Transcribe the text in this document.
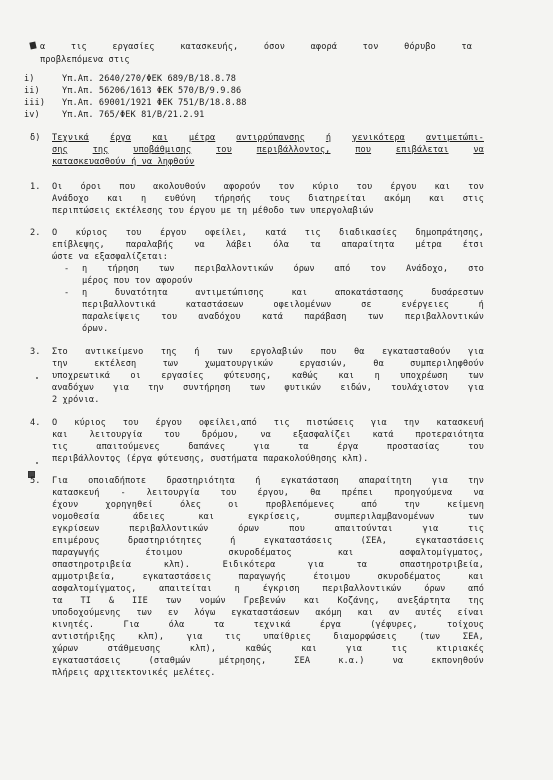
α	τις	εργασίες	κατασκευής,	όσον	αφορά	τον	θόρυβο	τα
προβλεπόμενα στις
i)	Υπ.Απ. 2640/270/ΦΕΚ 689/Β/18.8.78
ii)	Υπ.Απ. 56206/1613 ΦΕΚ 570/Β/9.9.86
iii) Υπ.Απ. 69001/1921 ΦΕΚ 751/Β/18.8.88
iv)	Υπ.Απ. 765/ΦΕΚ 81/Β/21.2.91
δ) Τεχνικά έργα και μέτρα αντιρρύπανσης ή γενικότερα αντιμετώπι-
σης	της	υποβάθμισης	του	περιβάλλοντος,	που	επιβάλεται	να
κατασκευασθούν ή να ληφθούν
1. Οι όροι που ακολουθούν αφορούν τον κύριο του έργου και τον
Ανάδοχο και η ευθύνη τήρησής τους διατηρείται ακόμη και στις
περιπτώσεις εκτέλεσης του έργου με τη μέθοδο των υπεργολαβιών
2. Ο κύριος του έργου οφείλει, κατά τις διαδικασίες δημοπράτησης,
επίβλεψης, παραλαβής να λάβει όλα τα απαραίτητα μέτρα έτσι
ώστε να εξασφαλίζεται:
- η τήρηση των περιβαλλοντικών όρων από τον Ανάδοχο, στο
μέρος που τον αφορούν
- η	δυνατότητα	αντιμετώπισης	και	αποκατάστασης	δυσάρεστων
περιβαλλοντικά	καταστάσεων	οφειλομένων	σε	ενέργειες	ή
παραλείψεις του αναδόχου κατά παράβαση των περιβαλλοντικών
όρων.
3. Στο αντικείμενο της ή των εργολαβιών που θα εγκατασταθούν για
την	εκτέλεση	των	χωματουργικών	εργασιών,	θα	συμπεριληφθούν
υποχρεωτικά οι εργασίες φύτευσης, καθώς και η υποχρέωση των
αναδόχων για την συντήρηση των φυτικών ειδών, τουλάχιστον για
2 χρόνια.
4. Ο κύριος του έργου οφείλει,από τις πιστώσεις για την κατασκευή
και	λειτουργία	του	δρόμου,	να	εξασφαλίζει	κατά	προτεραιότητα
τις	απαιτούμενες	δαπάνες	για	τα	έργα	προστασίας	του
περιβάλλοντος (έργα φύτευσης, συστήματα παρακολούθησης κλπ).
5. Για οποιαδήποτε δραστηριότητα ή εγκατάσταση απαραίτητη για την
κατασκευή - λειτουργία του έργου, θα πρέπει προηγούμενα να
έχουν	χορηγηθεί	όλες	οι	προβλεπόμενες	από	την	κείμενη
νομοθεσία	άδειες	και	εγκρίσεις,	συμπεριλαμβανομένων	των
εγκρίσεων	περιβαλλοντικών	όρων	που	απαιτούνται	για	τις
επιμέρους	δραστηριότητες	ή	εγκαταστάσεις	(ΣΕΑ,	εγκαταστάσεις
παραγωγής	έτοιμου	σκυροδέματος	και	ασφαλτομίγματος,
σπαστηροτριβεία	κλπ).	Ειδικότερα	για	τα	σπαστηροτριβεία,
αμμοτριβεία,	εγκαταστάσεις	παραγωγής	έτοιμου	σκυροδέματος	και
ασφαλτομίγματος,	απαιτείται	η	έγκριση	περιβαλλοντικών	όρων	από
τα ΤΙ & ΙΙΕ των νομών Γρεβενών και Κοζάνης, ανεξάρτητα της
υποδοχούμενης των εν λόγω εγκαταστάσεων ακόμη και αν αυτές είναι
κινητές.	Για	όλα	τα	τεχνικά	έργα	(γέφυρες,	τοίχους
αντιστήριξης	κλπ),	για	τις	υπαίθριες	διαμορφώσεις	(των	ΣΕΑ,
χώρων	στάθμευσης	κλπ),	καθώς	και	για	τις	κτιριακές
εγκαταστάσεις	(σταθμών	μέτρησης,	ΣΕΑ	κ.α.)	να	εκπονηθούν
πλήρεις αρχιτεκτονικές μελέτες.
